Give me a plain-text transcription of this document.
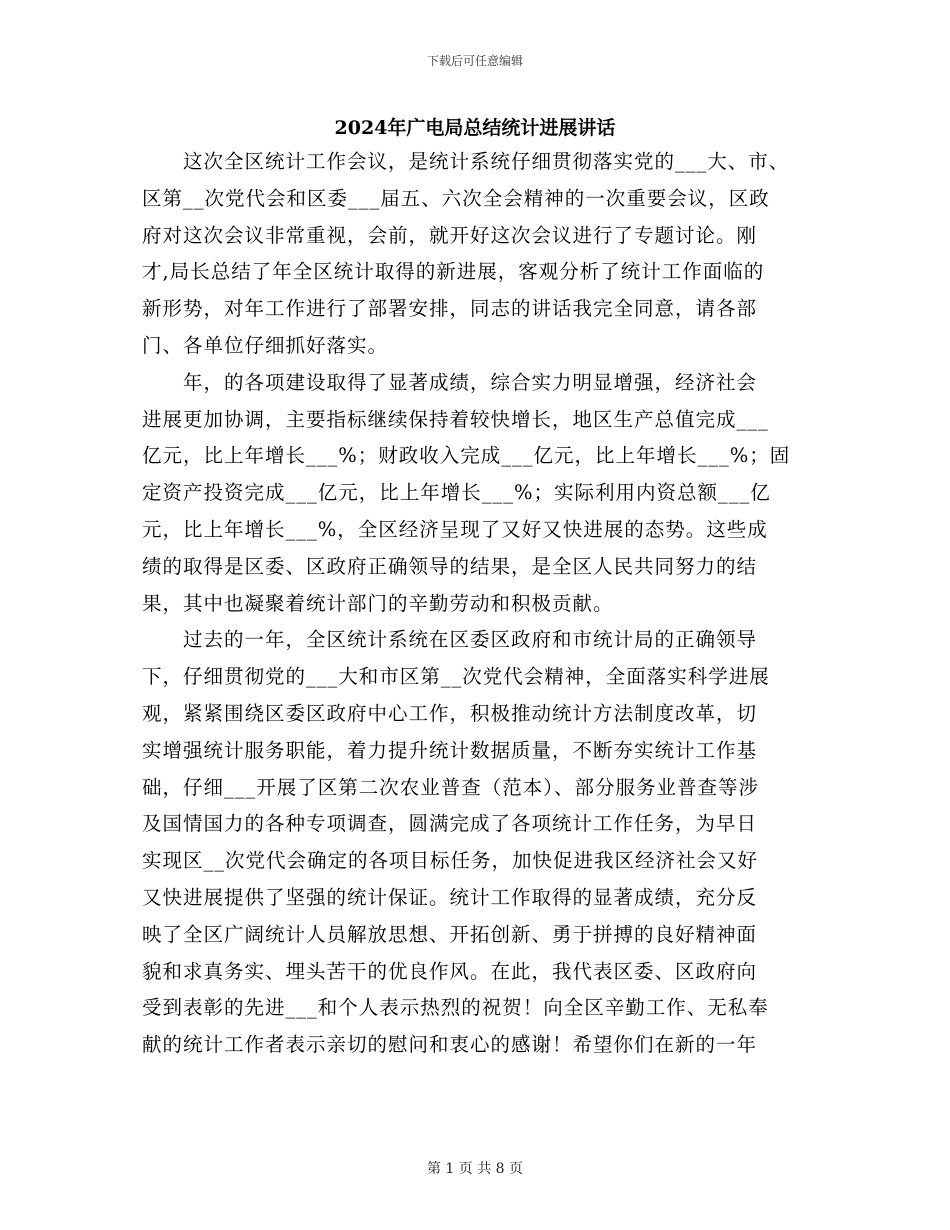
下载后可任意编辑
2024年广电局总结统计进展讲话
　　这次全区统计工作会议，是统计系统仔细贯彻落实党的___大、市、
区第__次党代会和区委___届五、六次全会精神的一次重要会议，区政
府对这次会议非常重视，会前，就开好这次会议进行了专题讨论。刚
才,局长总结了年全区统计取得的新进展，客观分析了统计工作面临的
新形势，对年工作进行了部署安排，同志的讲话我完全同意，请各部
门、各单位仔细抓好落实。
　　年，的各项建设取得了显著成绩，综合实力明显增强，经济社会
进展更加协调，主要指标继续保持着较快增长，地区生产总值完成___
亿元，比上年增长___%；财政收入完成___亿元，比上年增长___%；固
定资产投资完成___亿元，比上年增长___%；实际利用内资总额___亿
元，比上年增长___%，全区经济呈现了又好又快进展的态势。这些成
绩的取得是区委、区政府正确领导的结果，是全区人民共同努力的结
果，其中也凝聚着统计部门的辛勤劳动和积极贡献。
　　过去的一年，全区统计系统在区委区政府和市统计局的正确领导
下，仔细贯彻党的___大和市区第__次党代会精神，全面落实科学进展
观，紧紧围绕区委区政府中心工作，积极推动统计方法制度改革，切
实增强统计服务职能，着力提升统计数据质量，不断夯实统计工作基
础，仔细___开展了区第二次农业普查（范本）、部分服务业普查等涉
及国情国力的各种专项调查，圆满完成了各项统计工作任务，为早日
实现区__次党代会确定的各项目标任务，加快促进我区经济社会又好
又快进展提供了坚强的统计保证。统计工作取得的显著成绩，充分反
映了全区广阔统计人员解放思想、开拓创新、勇于拼搏的良好精神面
貌和求真务实、埋头苦干的优良作风。在此，我代表区委、区政府向
受到表彰的先进___和个人表示热烈的祝贺！向全区辛勤工作、无私奉
献的统计工作者表示亲切的慰问和衷心的感谢！希望你们在新的一年
第 1 页 共 8 页
